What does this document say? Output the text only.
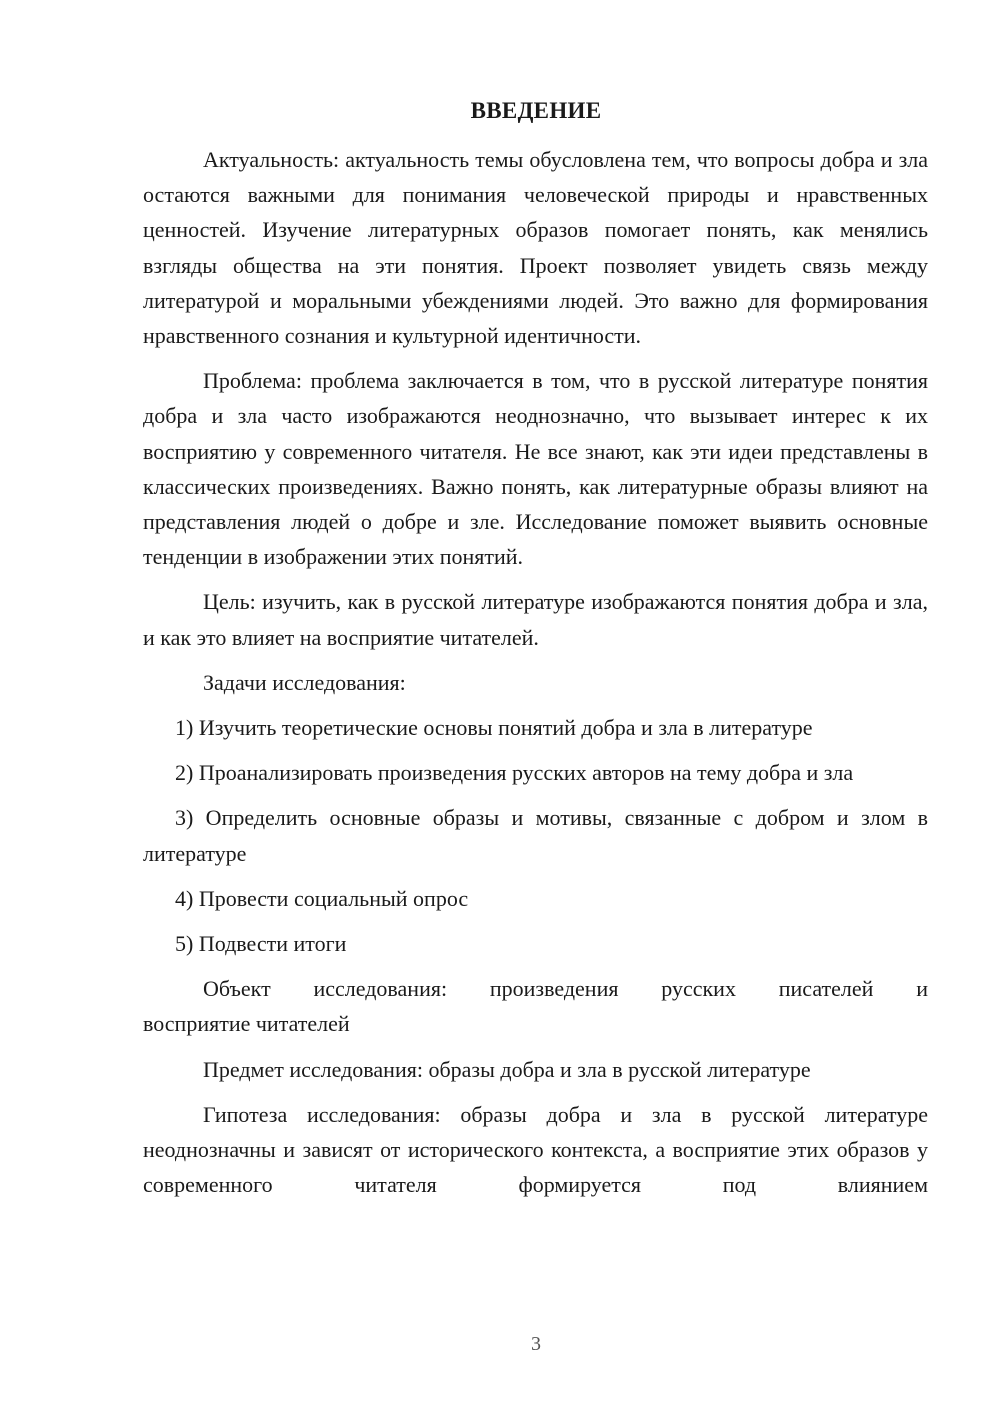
ВВЕДЕНИЕ

Актуальность: актуальность темы обусловлена тем, что вопросы добра и зла остаются важными для понимания человеческой природы и нравственных ценностей. Изучение литературных образов помогает понять, как менялись взгляды общества на эти понятия. Проект позволяет увидеть связь между литературой и моральными убеждениями людей. Это важно для формирования нравственного сознания и культурной идентичности.

Проблема: проблема заключается в том, что в русской литературе понятия добра и зла часто изображаются неоднозначно, что вызывает интерес к их восприятию у современного читателя. Не все знают, как эти идеи представлены в классических произведениях. Важно понять, как литературные образы влияют на представления людей о добре и зле. Исследование поможет выявить основные тенденции в изображении этих понятий.

Цель: изучить, как в русской литературе изображаются понятия добра и зла, и как это влияет на восприятие читателей.

Задачи исследования:

1) Изучить теоретические основы понятий добра и зла в литературе

2) Проанализировать произведения русских авторов на тему добра и зла

3) Определить основные образы и мотивы, связанные с добром и злом в литературе

4) Провести социальный опрос

5) Подвести итоги

Объект исследования: произведения русских писателей и
восприятие читателей

Предмет исследования: образы добра и зла в русской литературе

Гипотеза исследования: образы добра и зла в русской литературе неоднозначны и зависят от исторического контекста, а восприятие этих образов у современного читателя формируется под влиянием

3
